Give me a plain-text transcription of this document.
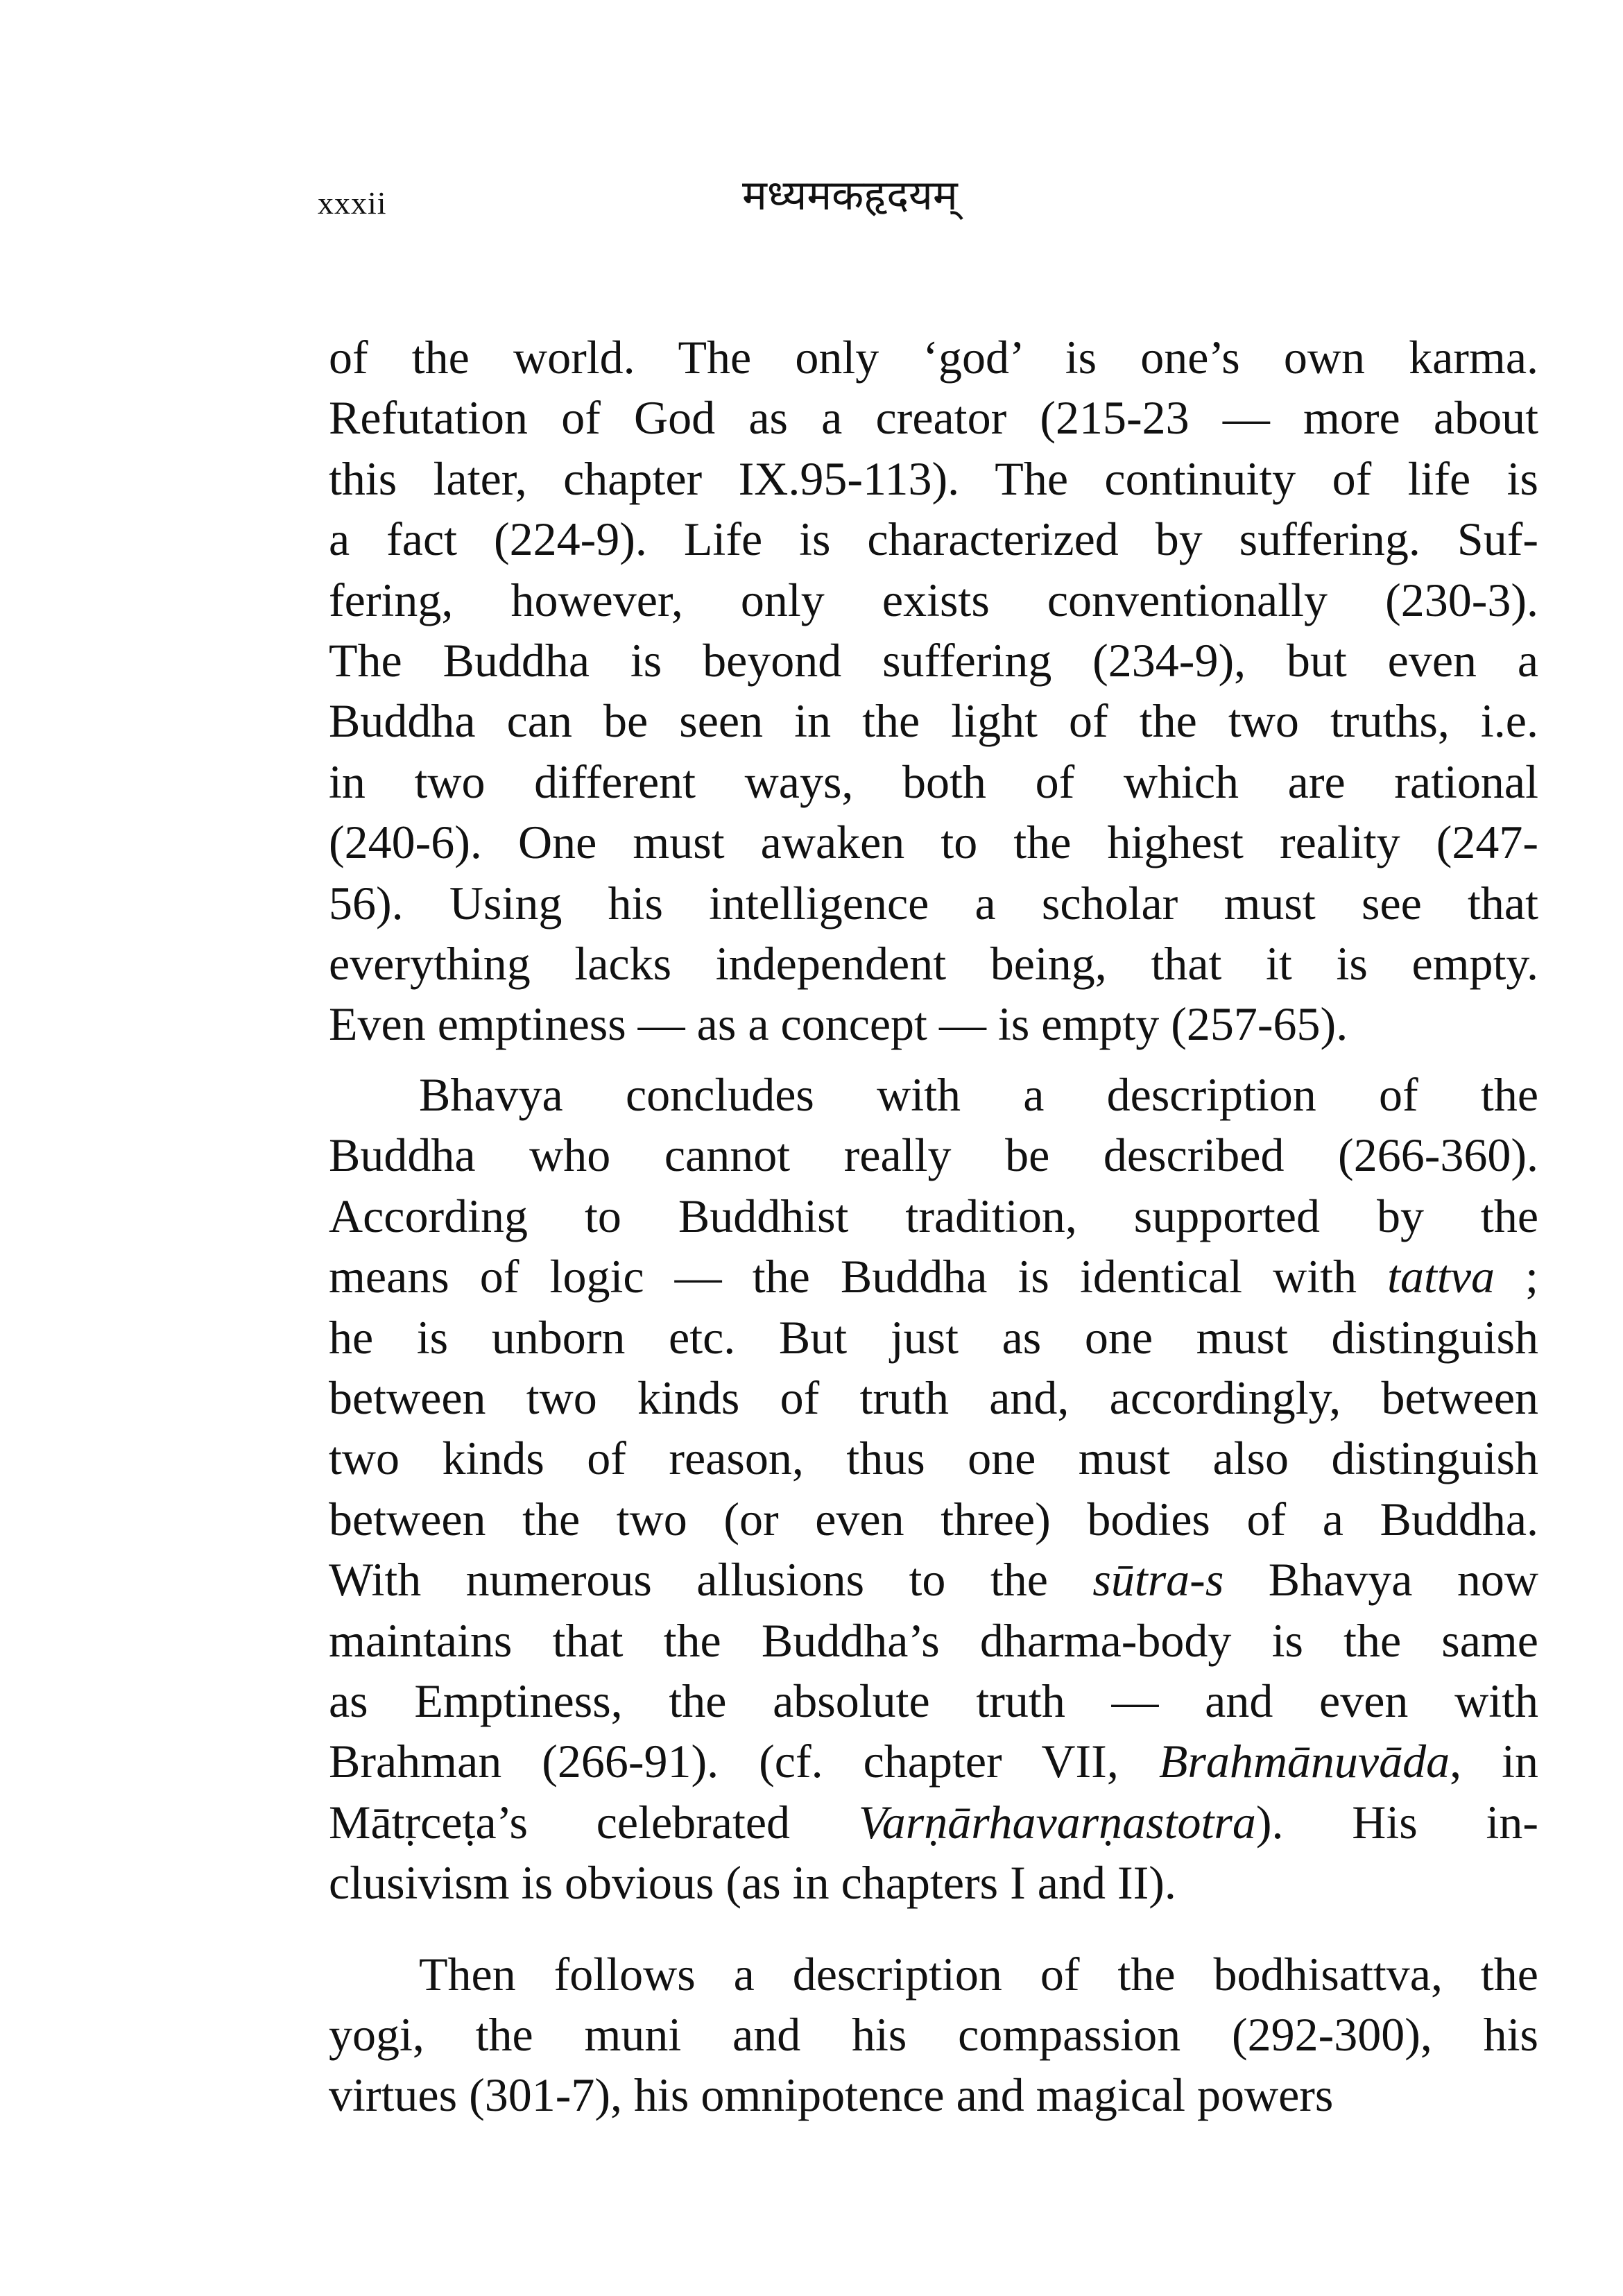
xxxii	मध्यमकहृदयम्

of the world. The only ‘god’ is one’s own karma.
Refutation of God as a creator (215-23 — more about
this later, chapter IX.95-113). The continuity of life is
a fact (224-9). Life is characterized by suffering. Suf-
fering, however, only exists conventionally (230-3).
The Buddha is beyond suffering (234-9), but even a
Buddha can be seen in the light of the two truths, i.e.
in two different ways, both of which are rational
(240-6). One must awaken to the highest reality (247-
56). Using his intelligence a scholar must see that
everything lacks independent being, that it is empty.
Even emptiness — as a concept — is empty (257-65).

Bhavya concludes with a description of the
Buddha who cannot really be described (266-360).
According to Buddhist tradition, supported by the
means of logic — the Buddha is identical with tattva ;
he is unborn etc. But just as one must distinguish
between two kinds of truth and, accordingly, between
two kinds of reason, thus one must also distinguish
between the two (or even three) bodies of a Buddha.
With numerous allusions to the sūtra-s Bhavya now
maintains that the Buddha’s dharma-body is the same
as Emptiness, the absolute truth — and even with
Brahman (266-91). (cf. chapter VII, Brahmānuvāda, in
Mātṛceṭa’s celebrated Varṇārhavarṇastotra). His in-
clusivism is obvious (as in chapters I and II).

Then follows a description of the bodhisattva, the
yogi, the muni and his compassion (292-300), his
virtues (301-7), his omnipotence and magical powers
